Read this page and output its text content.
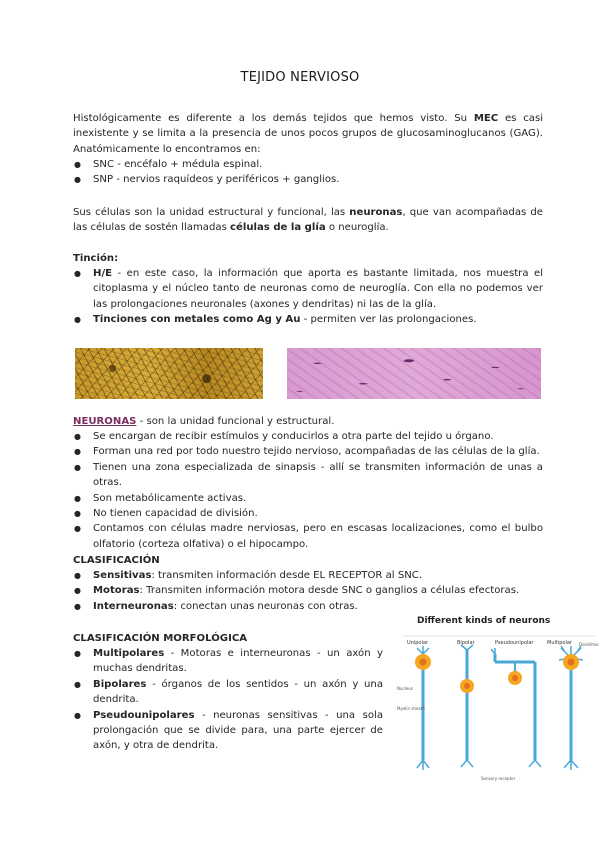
TEJIDO NERVIOSO
Histológicamente es diferente a los demás tejidos que hemos visto. Su MEC es casi inexistente y se limita a la presencia de unos pocos grupos de glucosaminoglucanos (GAG). Anatómicamente lo encontramos en:
● SNC - encéfalo + médula espinal.
● SNP - nervios raquídeos y periféricos + ganglios.
Sus células son la unidad estructural y funcional, las neuronas, que van acompañadas de las células de sostén llamadas células de la glía o neuroglía.
Tinción:
● H/E - en este caso, la información que aporta es bastante limitada, nos muestra el citoplasma y el núcleo tanto de neuronas como de neuroglía. Con ella no podemos ver las prolongaciones neuronales (axones y dendritas) ni las de la glía.
● Tinciones con metales como Ag y Au - permiten ver las prolongaciones.
NEURONAS - son la unidad funcional y estructural.
● Se encargan de recibir estímulos y conducirlos a otra parte del tejido u órgano.
● Forman una red por todo nuestro tejido nervioso, acompañadas de las células de la glía.
● Tienen una zona especializada de sinapsis - allí se transmiten información de unas a otras.
● Son metabólicamente activas.
● No tienen capacidad de división.
● Contamos con células madre nerviosas, pero en escasas localizaciones, como el bulbo olfatorio (corteza olfativa) o el hipocampo.
CLASIFICACIÓN
● Sensitivas: transmiten información desde EL RECEPTOR al SNC.
● Motoras: Transmiten información motora desde SNC o ganglios a células efectoras.
● Interneuronas: conectan unas neuronas con otras.
CLASIFICACIÓN MORFOLÓGICA
● Multipolares - Motoras e interneuronas - un axón y muchas dendritas.
● Bipolares - órganos de los sentidos - un axón y una dendrita.
● Pseudounipolares - neuronas sensitivas - una sola prolongación que se divide para, una parte ejercer de axón, y otra de dendrita.
Different kinds of neurons
Unipolar	Bipolar	Pseudounipolar	Multipolar
Nucleus
Myelin sheath
Dendrites
Sensory receptor
